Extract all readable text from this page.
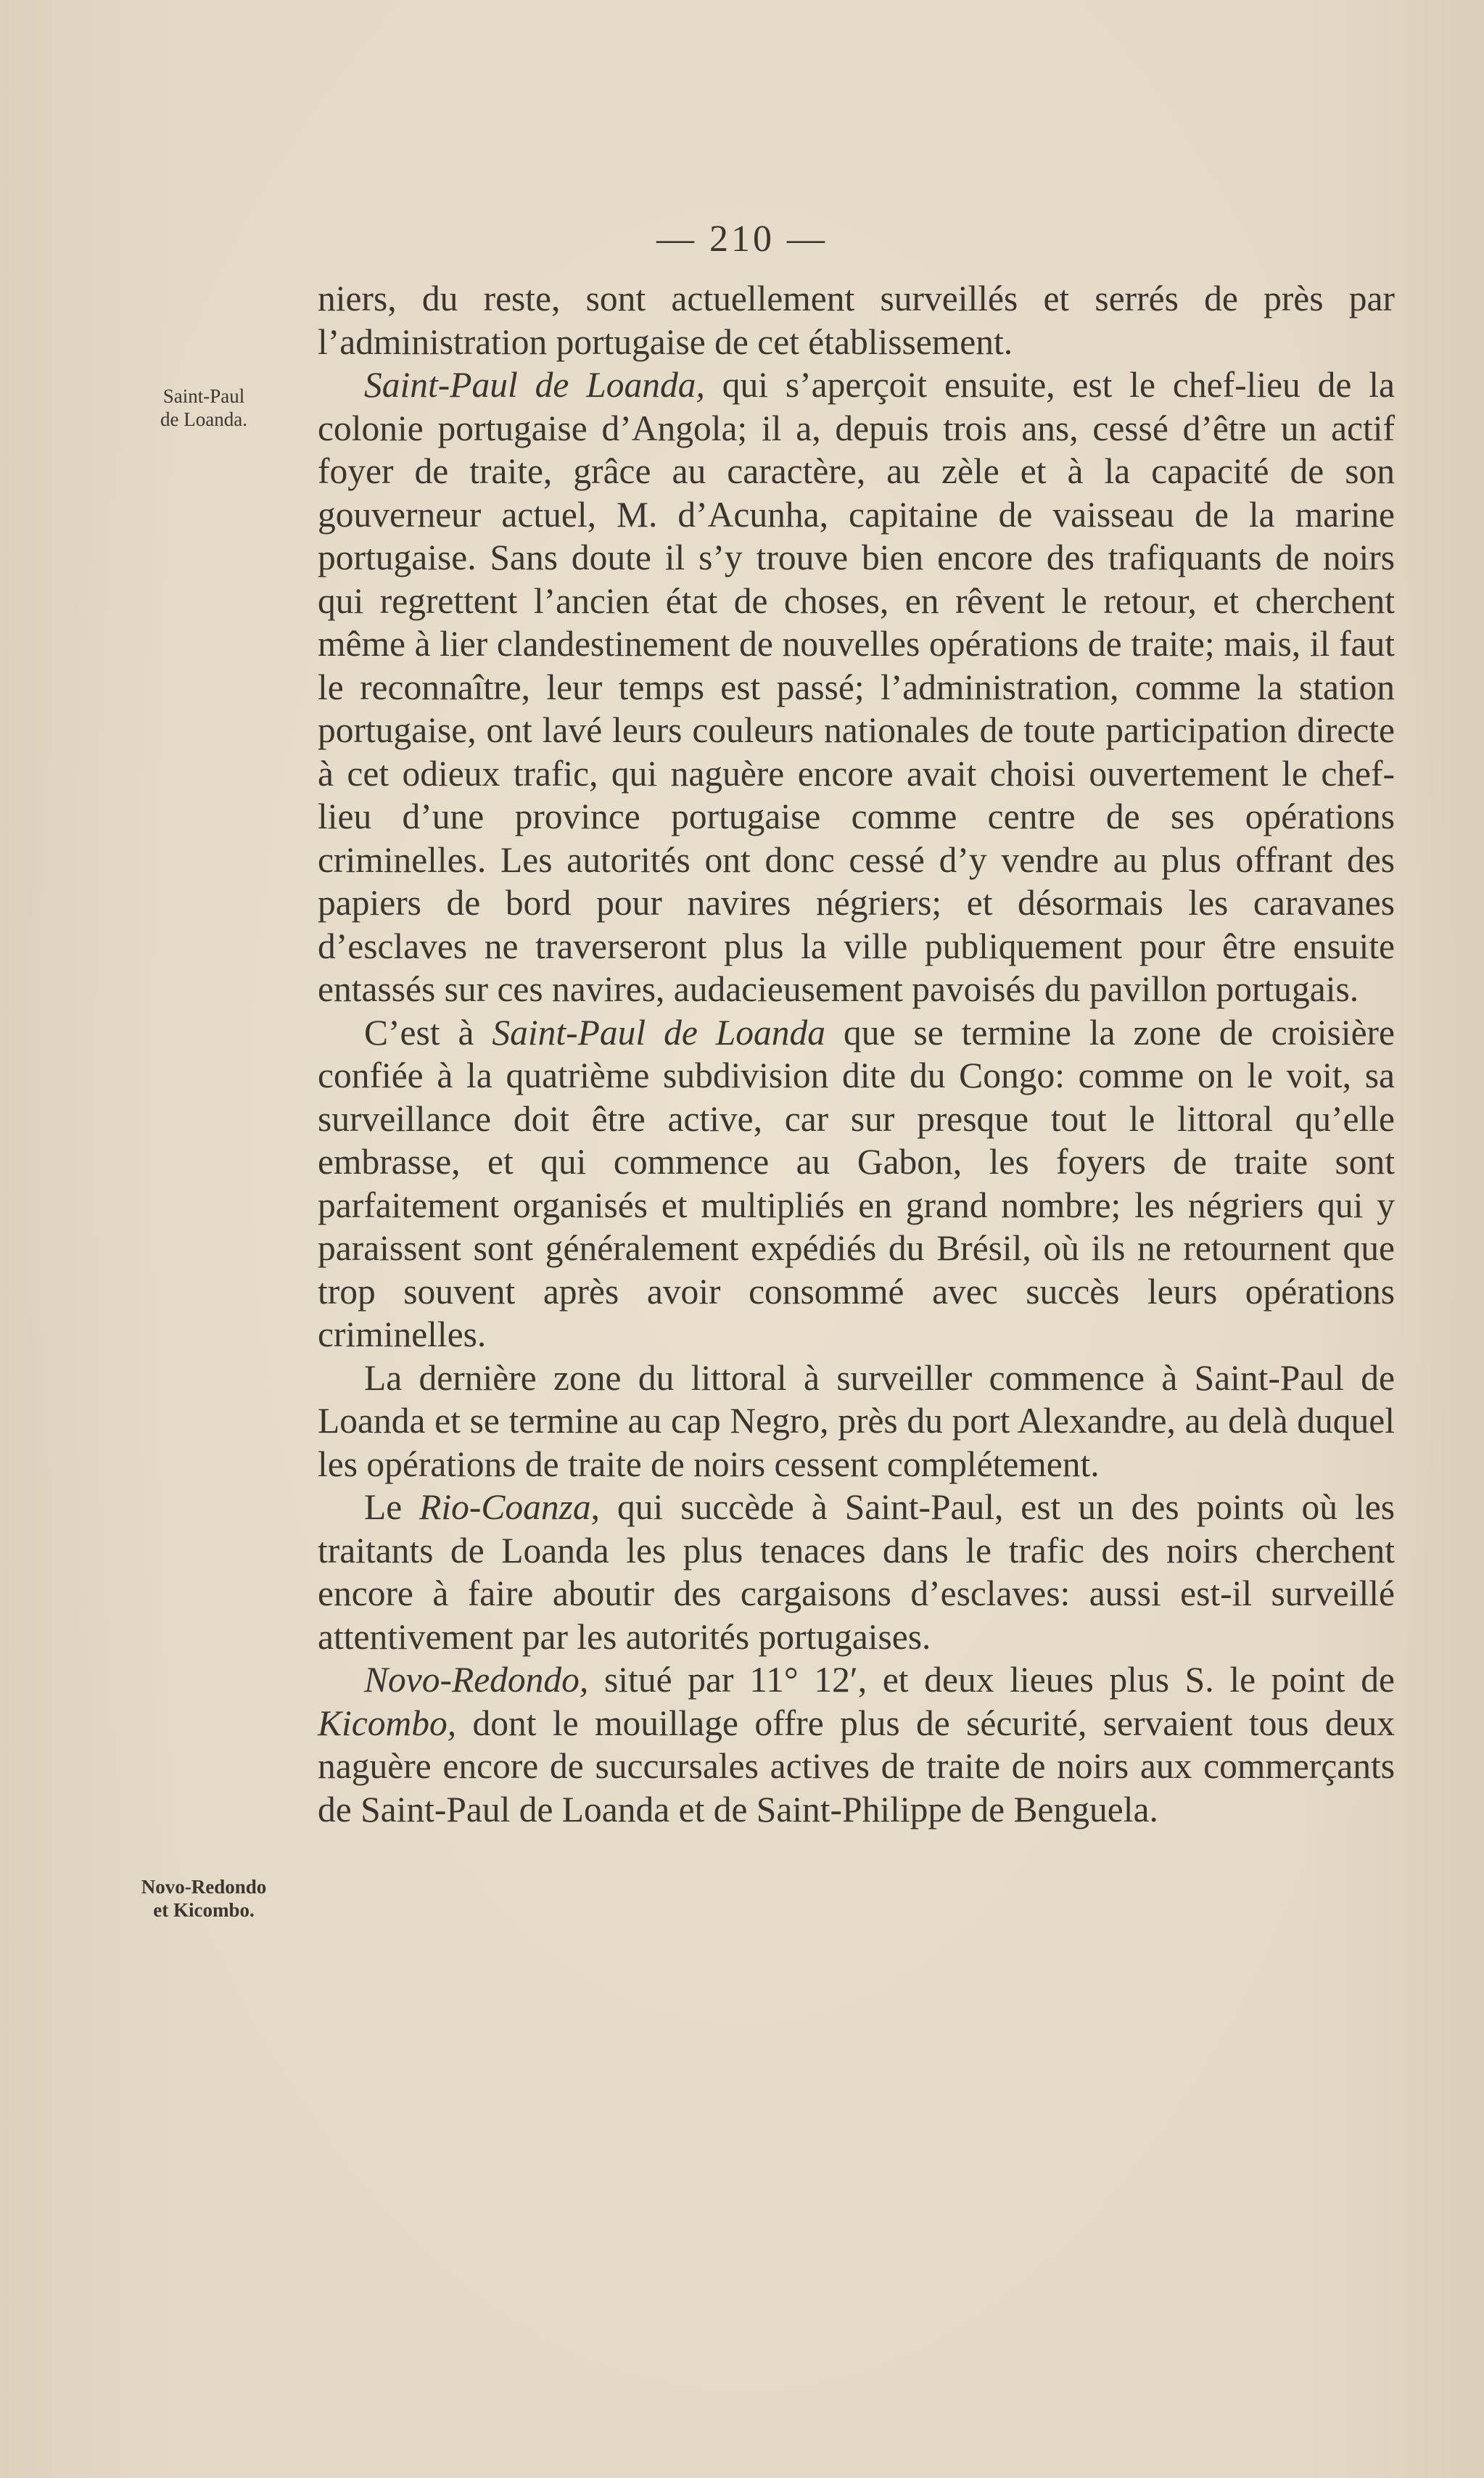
— 210 —
Saint-Paul
de Loanda.
Novo-Redondo
et Kicombo.

niers, du reste, sont actuellement surveillés et serrés de près par l’administration portugaise de cet établissement.

Saint-Paul de Loanda, qui s’aperçoit ensuite, est le chef-lieu de la colonie portugaise d’Angola; il a, depuis trois ans, cessé d’être un actif foyer de traite, grâce au caractère, au zèle et à la capacité de son gouverneur actuel, M. d’Acunha, capitaine de vaisseau de la marine portugaise. Sans doute il s’y trouve bien encore des trafiquants de noirs qui regrettent l’ancien état de choses, en rêvent le retour, et cherchent même à lier clandestinement de nouvelles opérations de traite; mais, il faut le reconnaître, leur temps est passé; l’administration, comme la station portugaise, ont lavé leurs couleurs nationales de toute participation directe à cet odieux trafic, qui naguère encore avait choisi ouvertement le chef-lieu d’une province portugaise comme centre de ses opérations criminelles. Les autorités ont donc cessé d’y vendre au plus offrant des papiers de bord pour navires négriers; et désormais les caravanes d’esclaves ne traverseront plus la ville publiquement pour être ensuite entassés sur ces navires, audacieusement pavoisés du pavillon portugais.

C’est à Saint-Paul de Loanda que se termine la zone de croisière confiée à la quatrième subdivision dite du Congo: comme on le voit, sa surveillance doit être active, car sur presque tout le littoral qu’elle embrasse, et qui commence au Gabon, les foyers de traite sont parfaitement organisés et multipliés en grand nombre; les négriers qui y paraissent sont généralement expédiés du Brésil, où ils ne retournent que trop souvent après avoir consommé avec succès leurs opérations criminelles.

La dernière zone du littoral à surveiller commence à Saint-Paul de Loanda et se termine au cap Negro, près du port Alexandre, au delà duquel les opérations de traite de noirs cessent complétement.

Le Rio-Coanza, qui succède à Saint-Paul, est un des points où les traitants de Loanda les plus tenaces dans le trafic des noirs cherchent encore à faire aboutir des cargaisons d’esclaves: aussi est-il surveillé attentivement par les autorités portugaises.

Novo-Redondo, situé par 11° 12′, et deux lieues plus S. le point de Kicombo, dont le mouillage offre plus de sécurité, servaient tous deux naguère encore de succursales actives de traite de noirs aux commerçants de Saint-Paul de Loanda et de Saint-Philippe de Benguela.
